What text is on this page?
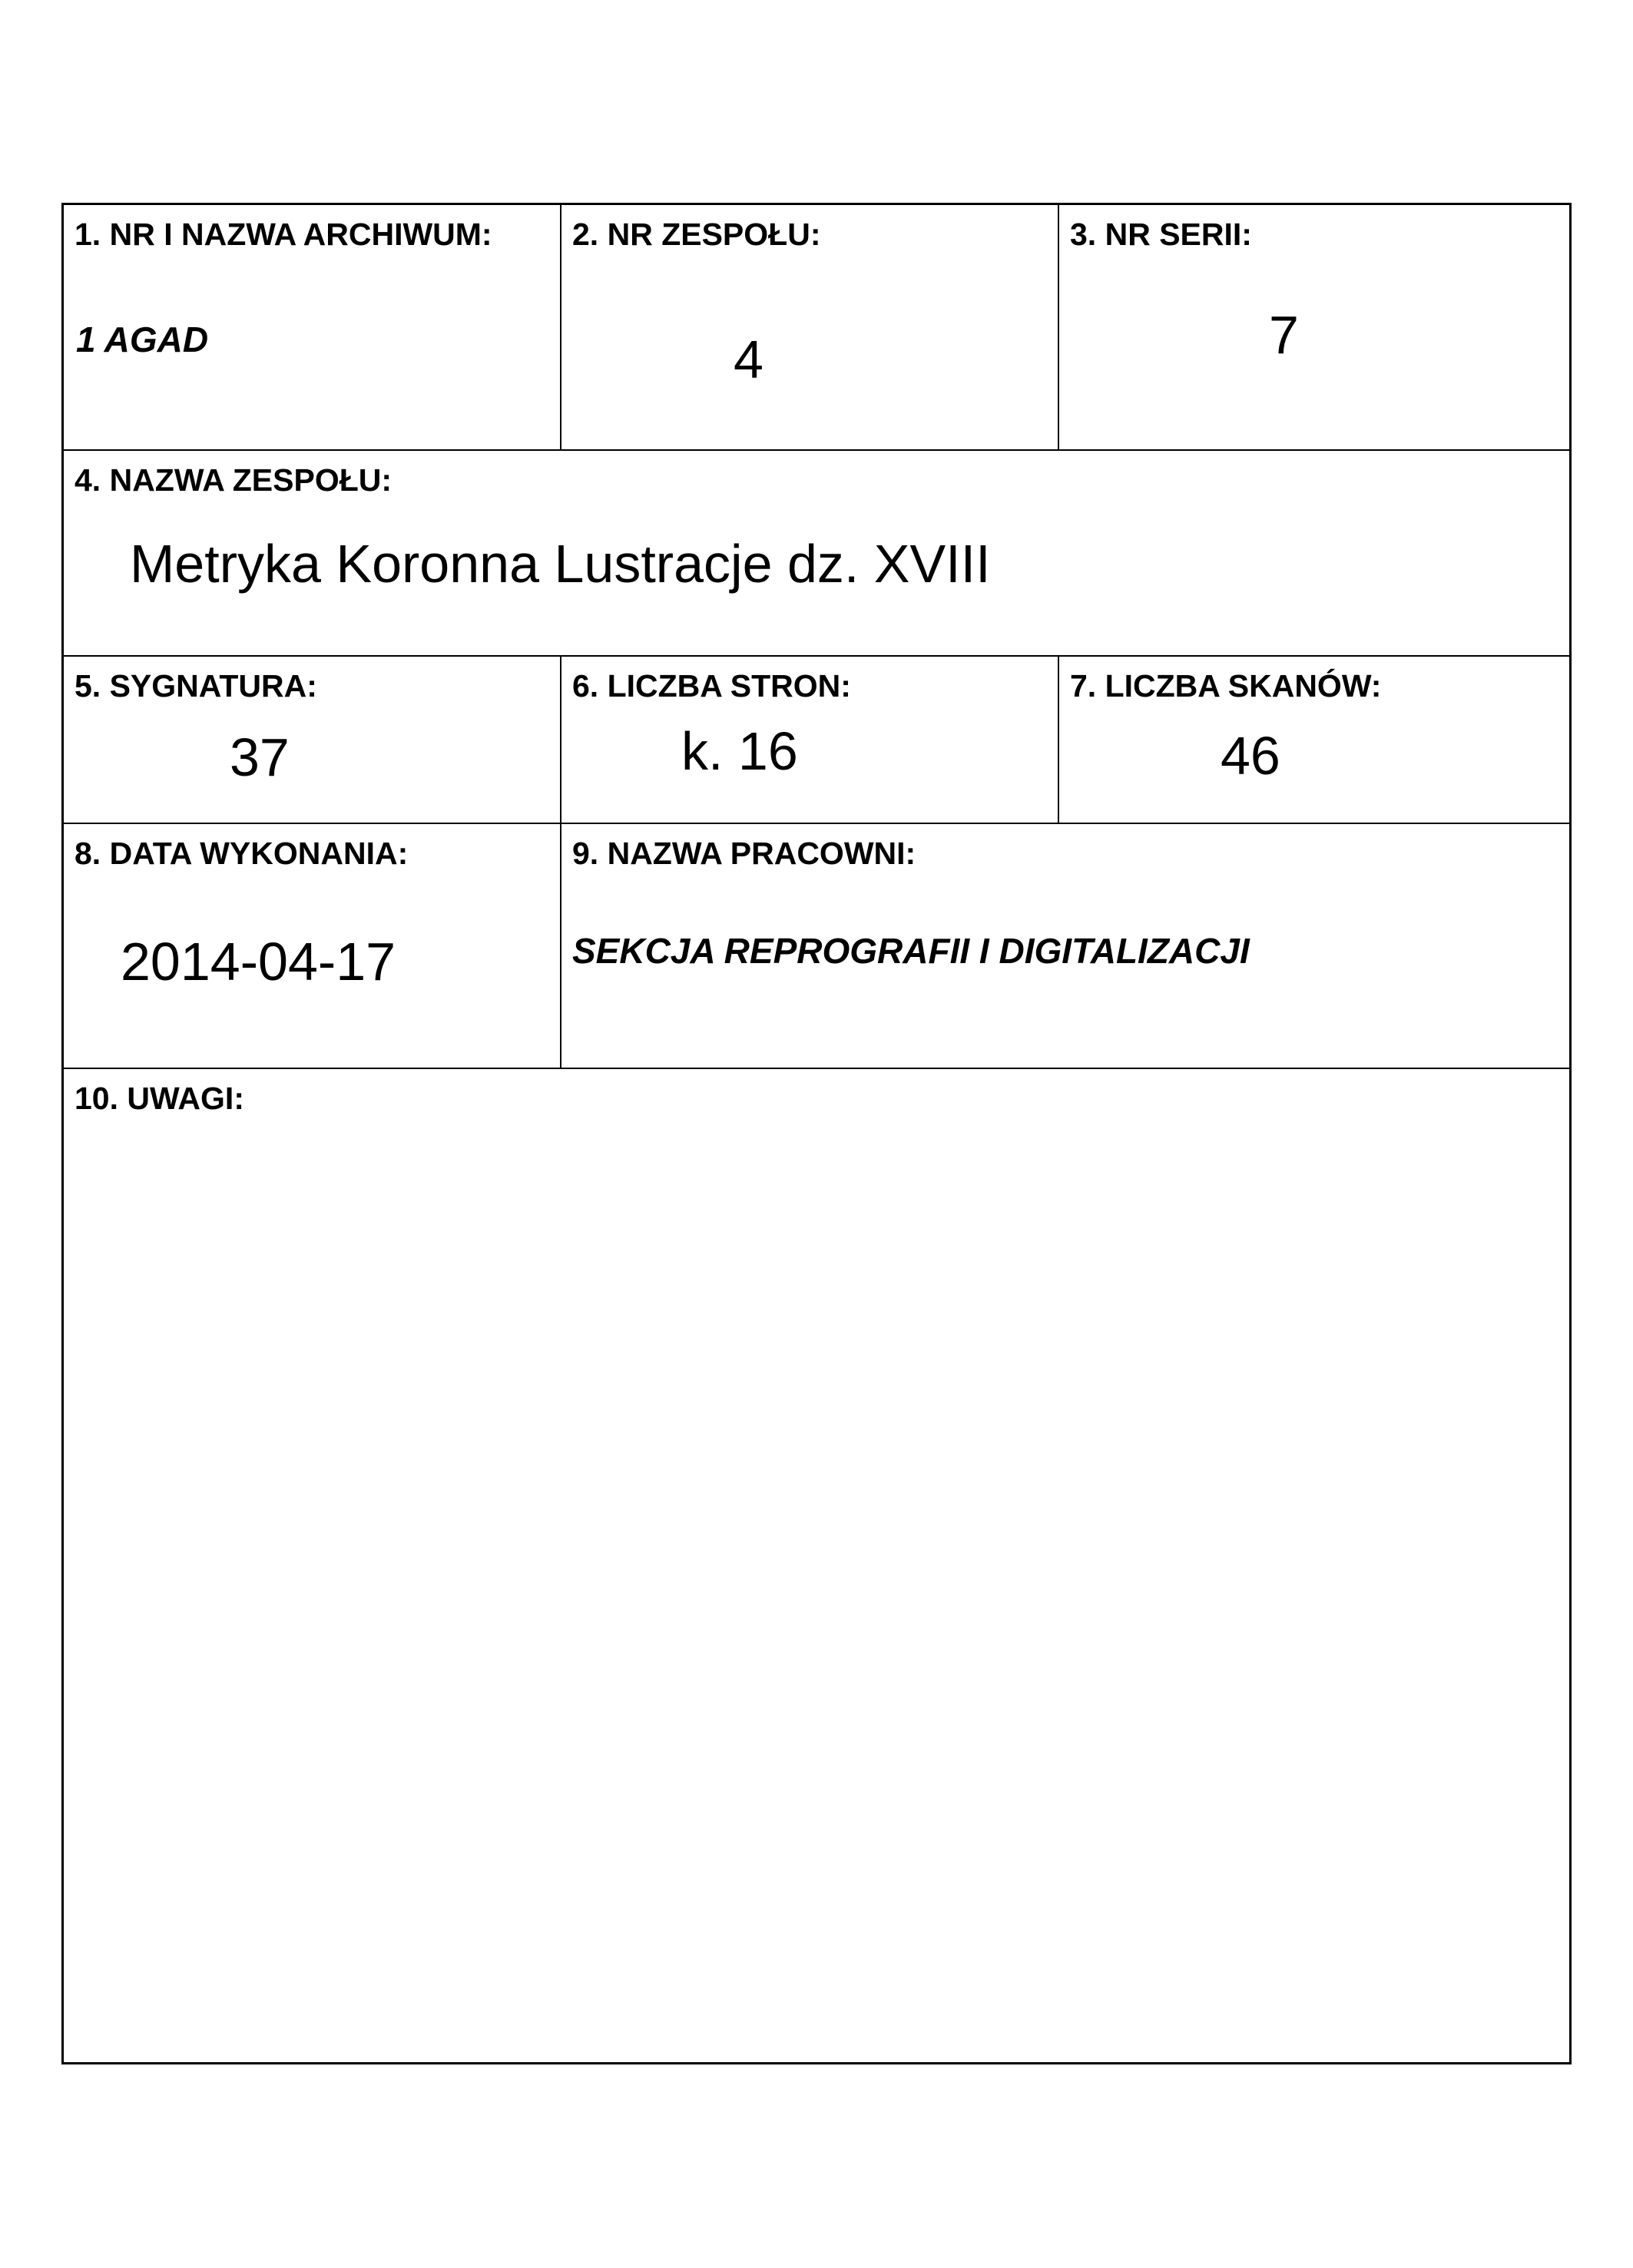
1. NR I NAZWA ARCHIWUM:
1 AGAD
2. NR ZESPOŁU:
4
3. NR SERII:
7
4. NAZWA ZESPOŁU:
Metryka Koronna Lustracje dz. XVIII
5. SYGNATURA:
37
6. LICZBA STRON:
k. 16
7. LICZBA SKANÓW:
46
8. DATA WYKONANIA:
2014-04-17
9. NAZWA PRACOWNI:
SEKCJA REPROGRAFII I DIGITALIZACJI
10. UWAGI:
